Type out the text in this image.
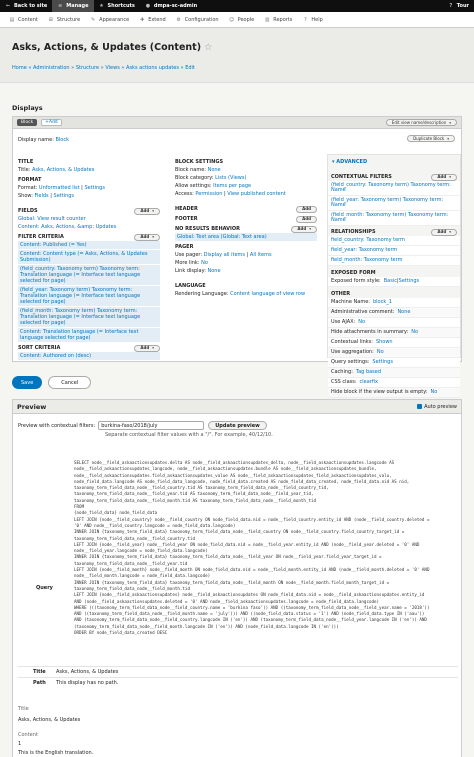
← Back to site ≡ Manage ★ Shortcuts ● dmpa-sc-admin	? Tour
▤ Content ⊞ Structure ✎ Appearance ✚ Extend ⚙ Configuration ☺ People ▥ Reports	? Help
Asks, Actions, & Updates (Content) ☆
Home » Administration » Structure » Views » Asks actions updates » Edit
Displays
Block	+Add	Edit view name/description ▾
Display name: Block	Duplicate Block ▾
TITLE
Title: Asks, Actions, & Updates
FORMAT
Format: Unformatted list | Settings
Show: Fields | Settings
FIELDS	Add ▾
Global: View result counter
Content: Asks, Actions, &amp; Updates
FILTER CRITERIA	Add ▾
Content: Published (= Yes)
Content: Content type (= Asks, Actions, & Updates Submission)
(field_country: Taxonomy term) Taxonomy term: Translation language (= Interface text language selected for page)
(field_year: Taxonomy term) Taxonomy term: Translation language (= Interface text language selected for page)
(field_month: Taxonomy term) Taxonomy term: Translation language (= Interface text language selected for page)
Content: Translation language (= Interface text language selected for page)
SORT CRITERIA	Add ▾
Content: Authored on (desc)
BLOCK SETTINGS
Block name: None
Block category: Lists (Views)
Allow settings: Items per page
Access: Permission | View published content
HEADER	Add
FOOTER	Add
NO RESULTS BEHAVIOR	Add ▾
Global: Text area (Global: Text area)
PAGER
Use pager: Display all items | All items
More link: No
Link display: None
LANGUAGE
Rendering Language: Content language of view row
▾ ADVANCED
CONTEXTUAL FILTERS	Add ▾
(field_country: Taxonomy term) Taxonomy term: Name
(field_year: Taxonomy term) Taxonomy term: Name
(field_month: Taxonomy term) Taxonomy term: Name
RELATIONSHIPS	Add ▾
field_country: Taxonomy term
field_year: Taxonomy term
field_month: Taxonomy term
EXPOSED FORM
Exposed form style: Basic | Settings
OTHER
Machine Name: block_1
Administrative comment: None
Use AJAX: No
Hide attachments in summary: No
Contextual links: Shown
Use aggregation: No
Query settings: Settings
Caching: Tag based
CSS class: clearfix
Hide block if the view output is empty: No
Save	Cancel
Preview	Auto preview
Preview with contextual filters:	burkina-faso/2018/july	Update preview
Separate contextual filter values with a "/". For example, 40/12/10.
Query
SELECT node__field_askaactionsupdates.delta AS node__field_askaactionsupdates_delta, node__field_askaactionsupdates.langcode AS
node__field_askaactionsupdates_langcode, node__field_askaactionsupdates.bundle AS node__field_askaactionsupdates_bundle,
node__field_askaactionsupdates.field_askaactionsupdates_value AS node__field_askaactionsupdates_field_askaactionsupdates_valu,
node_field_data.langcode AS node_field_data_langcode, node_field_data.created AS node_field_data_created, node_field_data.nid AS nid,
taxonomy_term_field_data_node__field_country.tid AS taxonomy_term_field_data_node__field_country_tid,
taxonomy_term_field_data_node__field_year.tid AS taxonomy_term_field_data_node__field_year_tid,
taxonomy_term_field_data_node__field_month.tid AS taxonomy_term_field_data_node__field_month_tid
FROM
{node_field_data} node_field_data
LEFT JOIN {node__field_country} node__field_country ON node_field_data.nid = node__field_country.entity_id AND (node__field_country.deleted =
'0' AND node__field_country.langcode = node_field_data.langcode)
INNER JOIN {taxonomy_term_field_data} taxonomy_term_field_data_node__field_country ON node__field_country.field_country_target_id =
taxonomy_term_field_data_node__field_country.tid
LEFT JOIN {node__field_year} node__field_year ON node_field_data.nid = node__field_year.entity_id AND (node__field_year.deleted = '0' AND
node__field_year.langcode = node_field_data.langcode)
INNER JOIN {taxonomy_term_field_data} taxonomy_term_field_data_node__field_year ON node__field_year.field_year_target_id =
taxonomy_term_field_data_node__field_year.tid
LEFT JOIN {node__field_month} node__field_month ON node_field_data.nid = node__field_month.entity_id AND (node__field_month.deleted = '0' AND
node__field_month.langcode = node_field_data.langcode)
INNER JOIN {taxonomy_term_field_data} taxonomy_term_field_data_node__field_month ON node__field_month.field_month_target_id =
taxonomy_term_field_data_node__field_month.tid
LEFT JOIN {node__field_askaactionsupdates} node__field_askaactionsupdates ON node_field_data.nid = node__field_askaactionsupdates.entity_id
AND (node__field_askaactionsupdates.deleted = '0' AND node__field_askaactionsupdates.langcode = node_field_data.langcode)
WHERE (((taxonomy_term_field_data_node__field_country.name = 'burkina faso')) AND ((taxonomy_term_field_data_node__field_year.name = '2018'))
AND ((taxonomy_term_field_data_node__field_month.name = 'july'))) AND ((node_field_data.status = '1') AND (node_field_data.type IN ('aau'))
AND (taxonomy_term_field_data_node__field_country.langcode IN ('en')) AND (taxonomy_term_field_data_node__field_year.langcode IN ('en')) AND
(taxonomy_term_field_data_node__field_month.langcode IN ('en')) AND (node_field_data.langcode IN ('en')))
ORDER BY node_field_data_created DESC
Title	Asks, Actions, & Updates
Path	This display has no path.
Title
Asks, Actions, & Updates
Content
1
This is the English translation.
